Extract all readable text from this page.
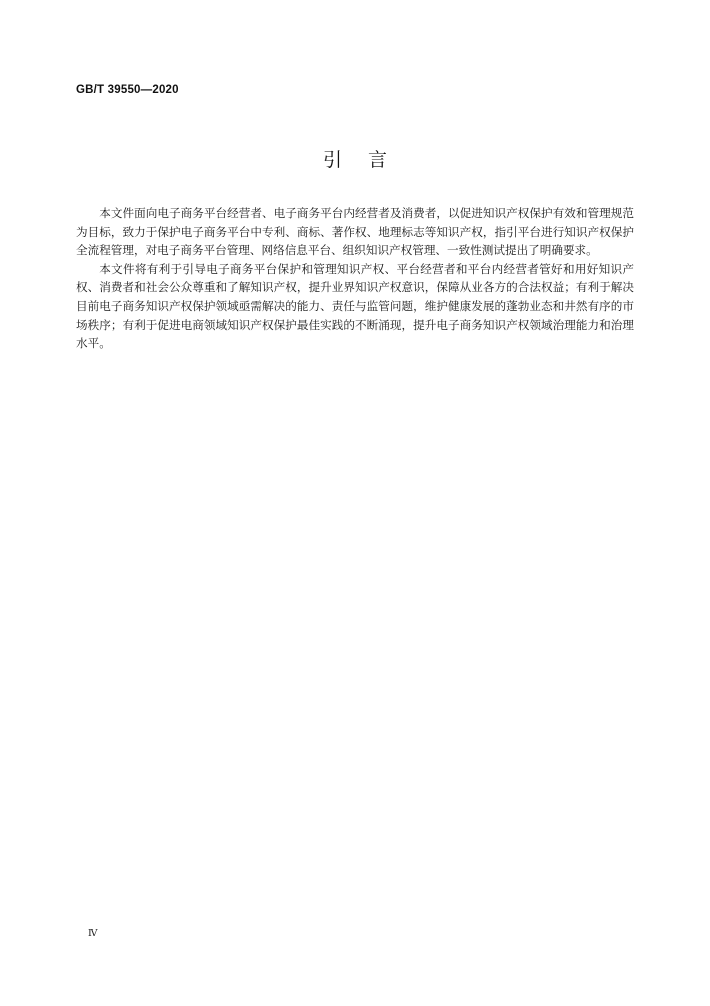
GB/T 39550—2020
引言

本文件面向电子商务平台经营者、电子商务平台内经营者及消费者，以促进知识产权保护有效和管理规范为目标，致力于保护电子商务平台中专利、商标、著作权、地理标志等知识产权，指引平台进行知识产权保护全流程管理，对电子商务平台管理、网络信息平台、组织知识产权管理、一致性测试提出了明确要求。

本文件将有利于引导电子商务平台保护和管理知识产权、平台经营者和平台内经营者管好和用好知识产权、消费者和社会公众尊重和了解知识产权，提升业界知识产权意识，保障从业各方的合法权益；有利于解决目前电子商务知识产权保护领域亟需解决的能力、责任与监管问题，维护健康发展的蓬勃业态和井然有序的市场秩序；有利于促进电商领域知识产权保护最佳实践的不断涌现，提升电子商务知识产权领域治理能力和治理水平。

Ⅳ
